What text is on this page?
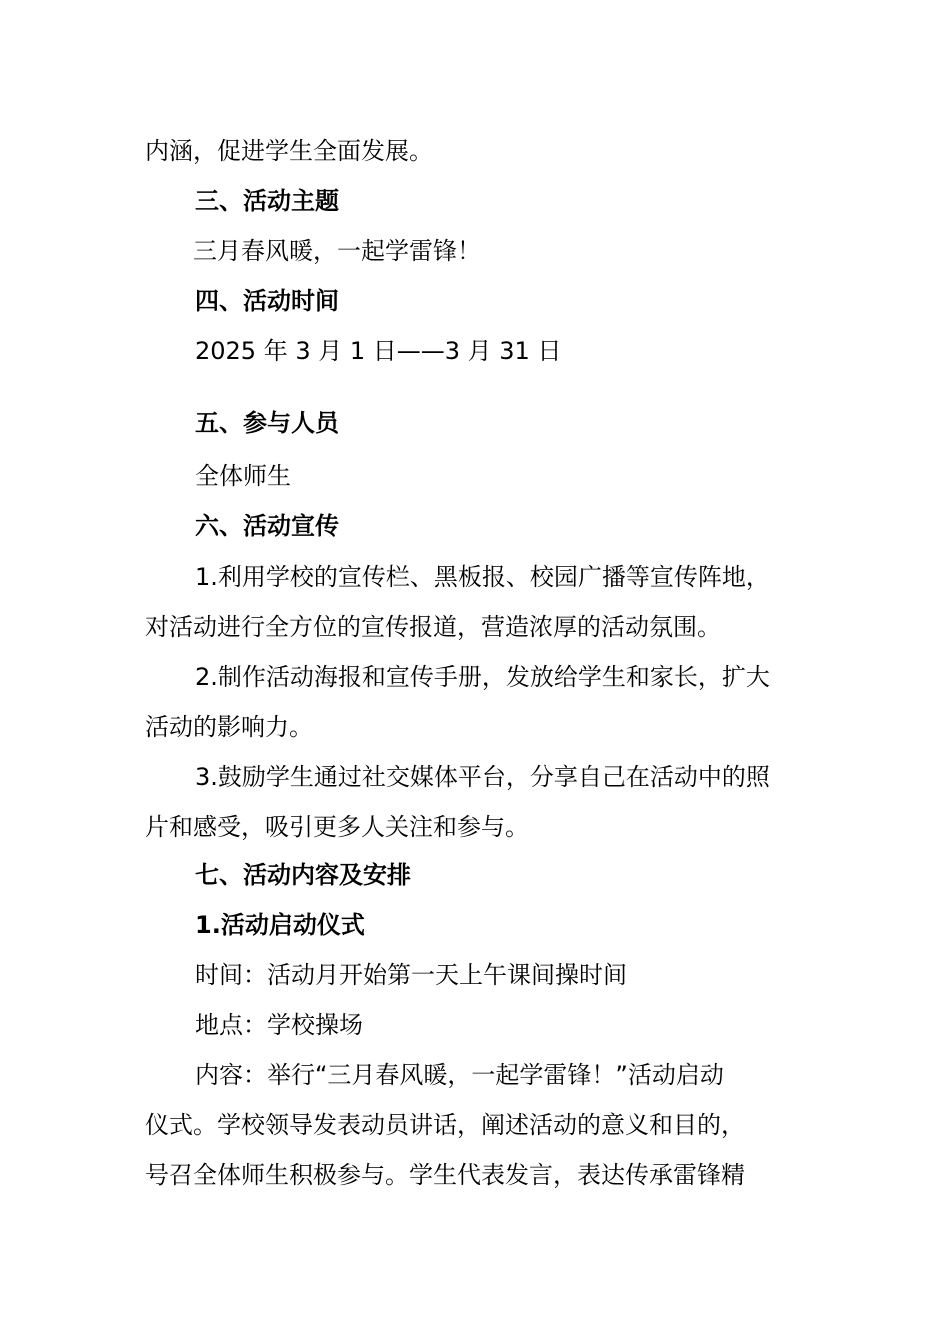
内涵，促进学生全面发展。
三、活动主题
三月春风暖，一起学雷锋！
四、活动时间
2025 年 3 月 1 日——3 月 31 日
五、参与人员
全体师生
六、活动宣传
1.利用学校的宣传栏、黑板报、校园广播等宣传阵地，
对活动进行全方位的宣传报道，营造浓厚的活动氛围。
2.制作活动海报和宣传手册，发放给学生和家长，扩大
活动的影响力。
3.鼓励学生通过社交媒体平台，分享自己在活动中的照
片和感受，吸引更多人关注和参与。
七、活动内容及安排
1.活动启动仪式
时间：活动月开始第一天上午课间操时间
地点：学校操场
内容：举行“三月春风暖，一起学雷锋！”活动启动
仪式。学校领导发表动员讲话，阐述活动的意义和目的，
号召全体师生积极参与。学生代表发言，表达传承雷锋精
